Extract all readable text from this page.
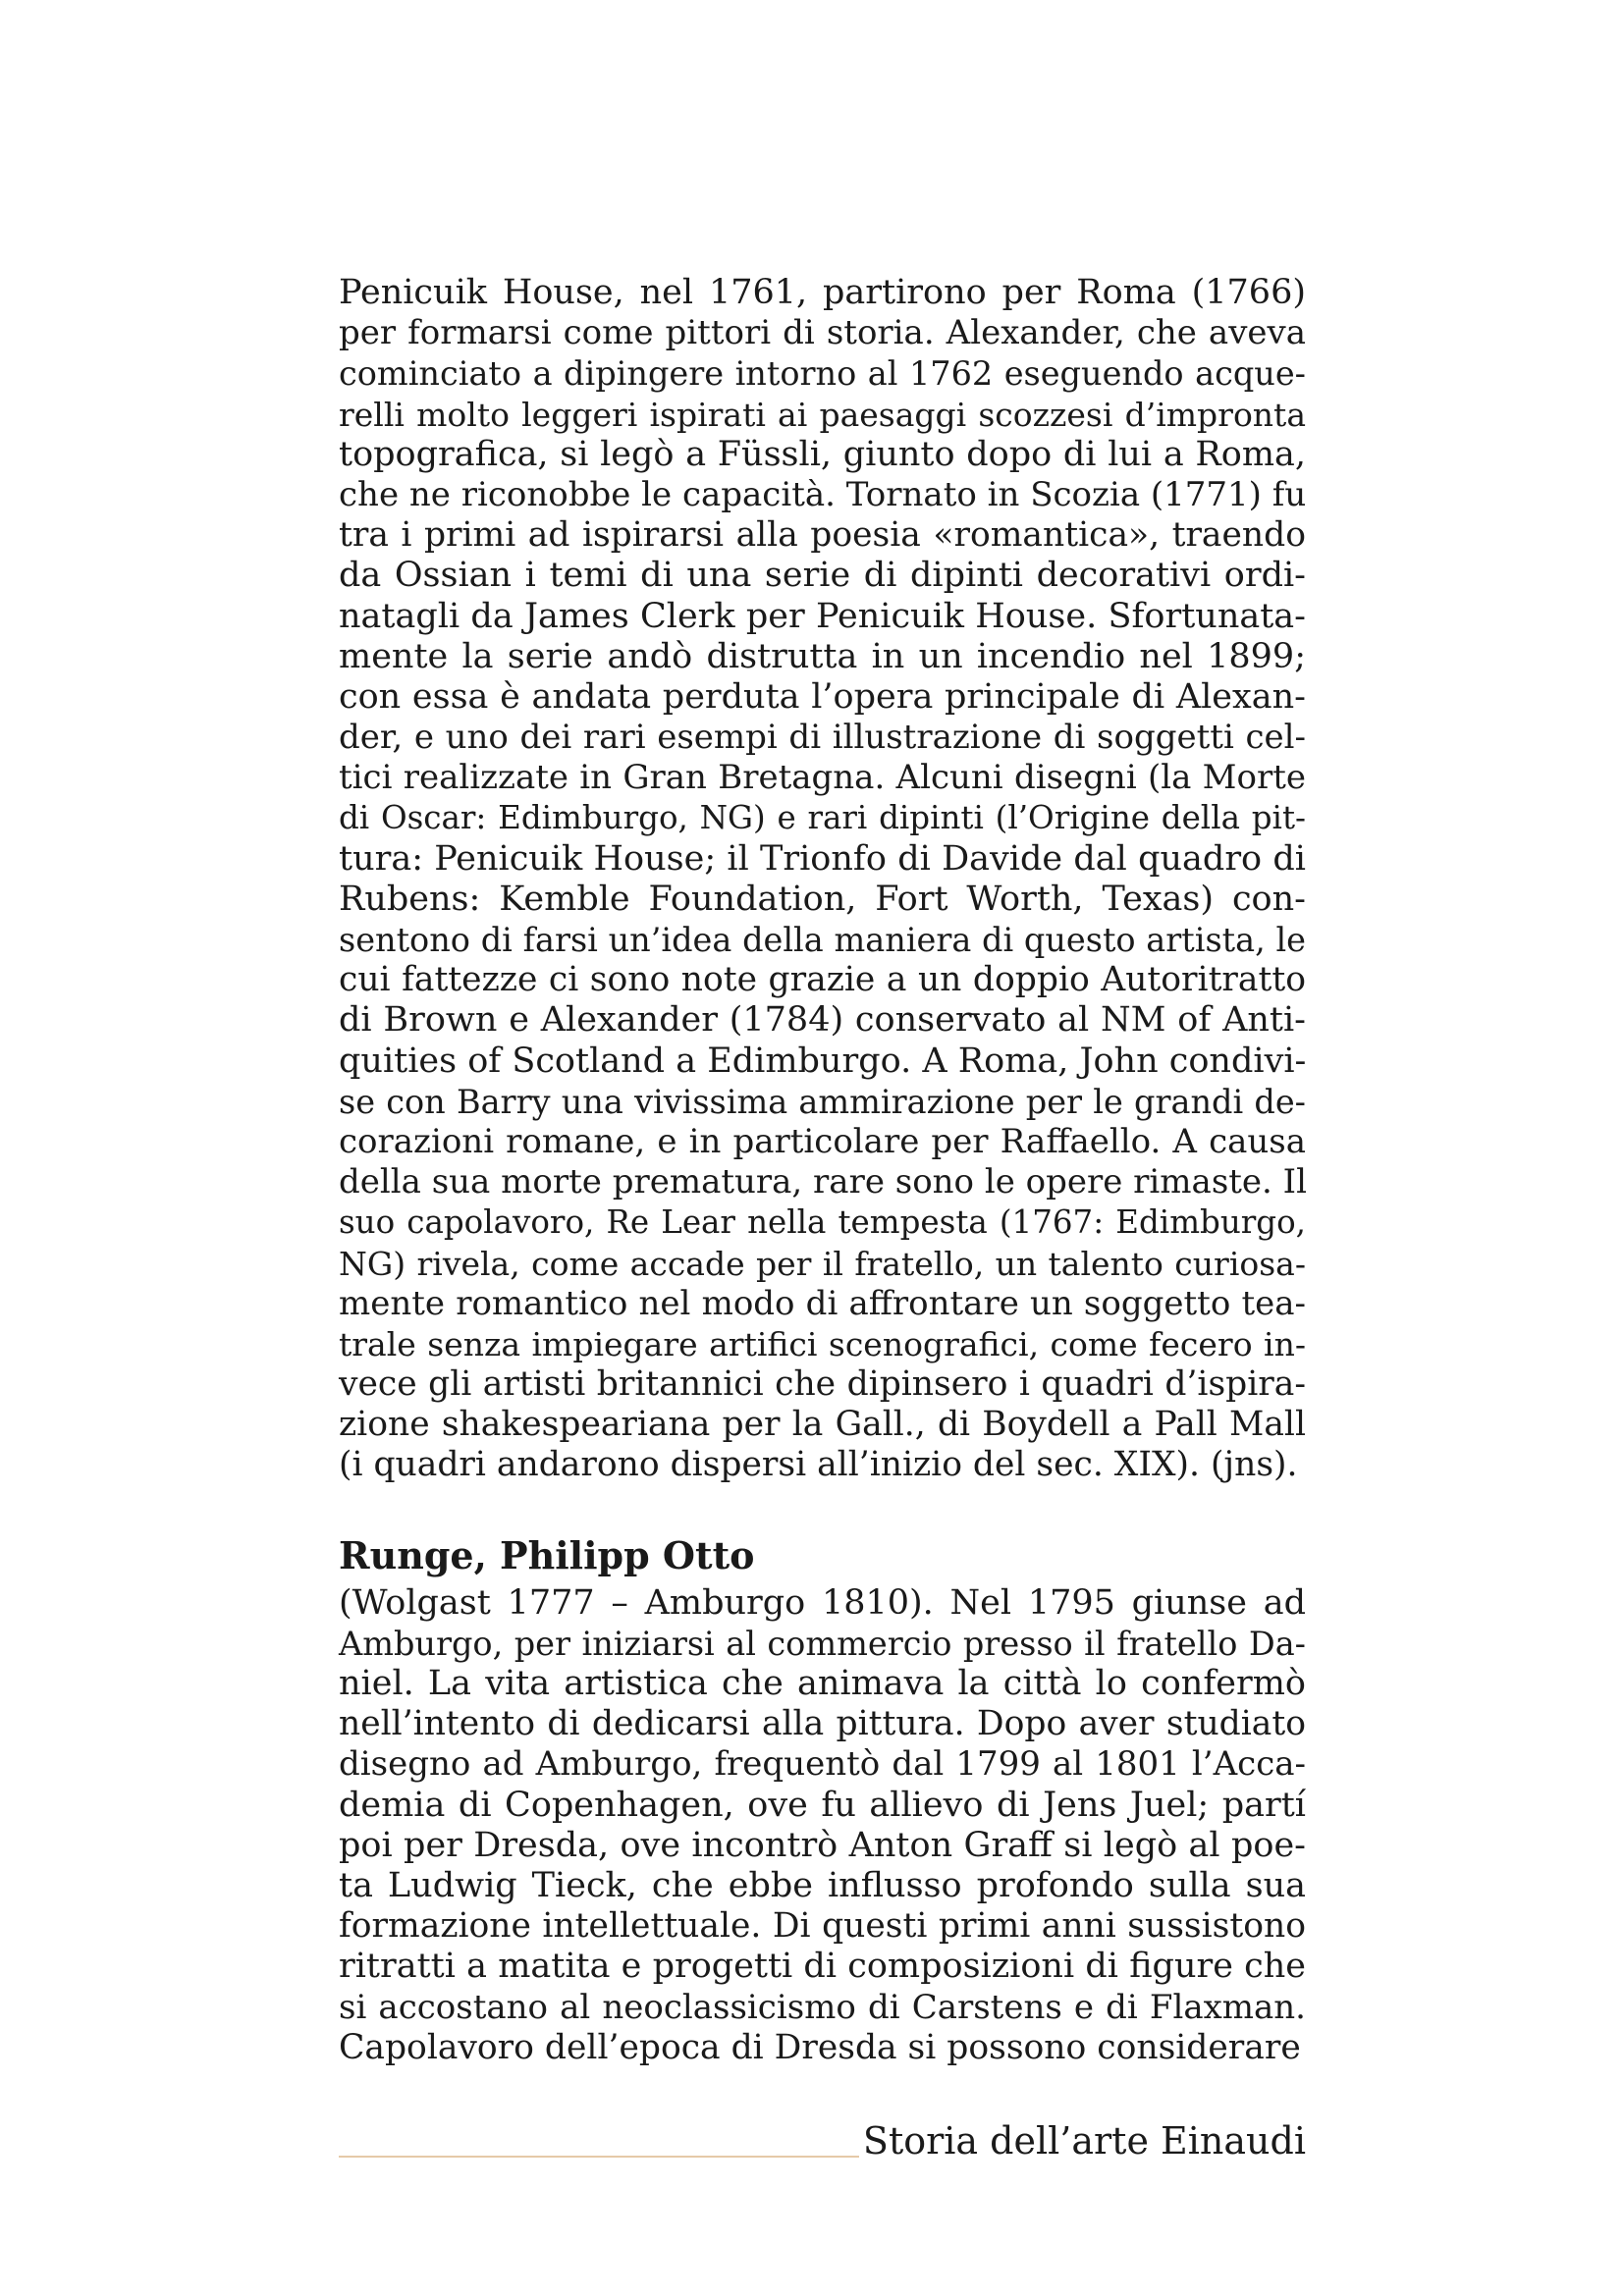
Penicuik House, nel 1761, partirono per Roma (1766)
per formarsi come pittori di storia. Alexander, che aveva
cominciato a dipingere intorno al 1762 eseguendo acque-
relli molto leggeri ispirati ai paesaggi scozzesi d’impronta
topografica, si legò a Füssli, giunto dopo di lui a Roma,
che ne riconobbe le capacità. Tornato in Scozia (1771) fu
tra i primi ad ispirarsi alla poesia «romantica», traendo
da Ossian i temi di una serie di dipinti decorativi ordi-
natagli da James Clerk per Penicuik House. Sfortunata-
mente la serie andò distrutta in un incendio nel 1899;
con essa è andata perduta l’opera principale di Alexan-
der, e uno dei rari esempi di illustrazione di soggetti cel-
tici realizzate in Gran Bretagna. Alcuni disegni (la Morte
di Oscar: Edimburgo, NG) e rari dipinti (l’Origine della pit-
tura: Penicuik House; il Trionfo di Davide dal quadro di
Rubens: Kemble Foundation, Fort Worth, Texas) con-
sentono di farsi un’idea della maniera di questo artista, le
cui fattezze ci sono note grazie a un doppio Autoritratto
di Brown e Alexander (1784) conservato al NM of Anti-
quities of Scotland a Edimburgo. A Roma, John condivi-
se con Barry una vivissima ammirazione per le grandi de-
corazioni romane, e in particolare per Raffaello. A causa
della sua morte prematura, rare sono le opere rimaste. Il
suo capolavoro, Re Lear nella tempesta (1767: Edimburgo,
NG) rivela, come accade per il fratello, un talento curiosa-
mente romantico nel modo di affrontare un soggetto tea-
trale senza impiegare artifici scenografici, come fecero in-
vece gli artisti britannici che dipinsero i quadri d’ispira-
zione shakespeariana per la Gall., di Boydell a Pall Mall
(i quadri andarono dispersi all’inizio del sec. XIX). (jns).
Runge, Philipp Otto
(Wolgast 1777 – Amburgo 1810). Nel 1795 giunse ad
Amburgo, per iniziarsi al commercio presso il fratello Da-
niel. La vita artistica che animava la città lo confermò
nell’intento di dedicarsi alla pittura. Dopo aver studiato
disegno ad Amburgo, frequentò dal 1799 al 1801 l’Acca-
demia di Copenhagen, ove fu allievo di Jens Juel; partí
poi per Dresda, ove incontrò Anton Graff si legò al poe-
ta Ludwig Tieck, che ebbe influsso profondo sulla sua
formazione intellettuale. Di questi primi anni sussistono
ritratti a matita e progetti di composizioni di figure che
si accostano al neoclassicismo di Carstens e di Flaxman.
Capolavoro dell’epoca di Dresda si possono considerare
Storia dell’arte Einaudi
